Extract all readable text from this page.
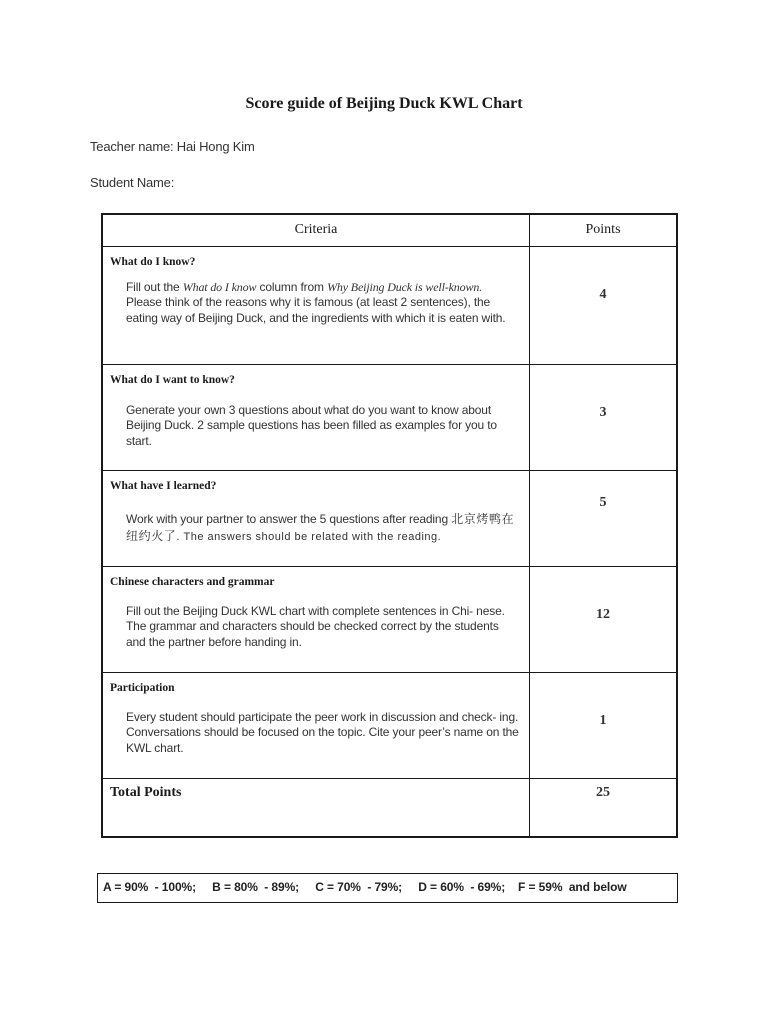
Score guide of Beijing Duck KWL Chart
Teacher name: Hai Hong Kim
Student Name:
Criteria	Points

What do I know?
Fill out the What do I know column from Why Beijing Duck is well-known. Please think of the reasons why it is famous (at least 2 sentences), the eating way of Beijing Duck, and the ingredients with which it is eaten with.	4

What do I want to know?
Generate your own 3 questions about what do you want to know about Beijing Duck. 2 sample questions has been filled as examples for you to start.	3

What have I learned?
Work with your partner to answer the 5 questions after reading 北京烤鸭在纽约火了. The answers should be related with the reading.	5

Chinese characters and grammar
Fill out the Beijing Duck KWL chart with complete sentences in Chi- nese. The grammar and characters should be checked correct by the students and the partner before handing in.	12

Participation
Every student should participate the peer work in discussion and check- ing. Conversations should be focused on the topic. Cite your peer’s name on the KWL chart.	1

Total Points	25
A = 90%  - 100%;     B = 80%  - 89%;     C = 70%  - 79%;     D = 60%  - 69%;    F = 59%  and below
